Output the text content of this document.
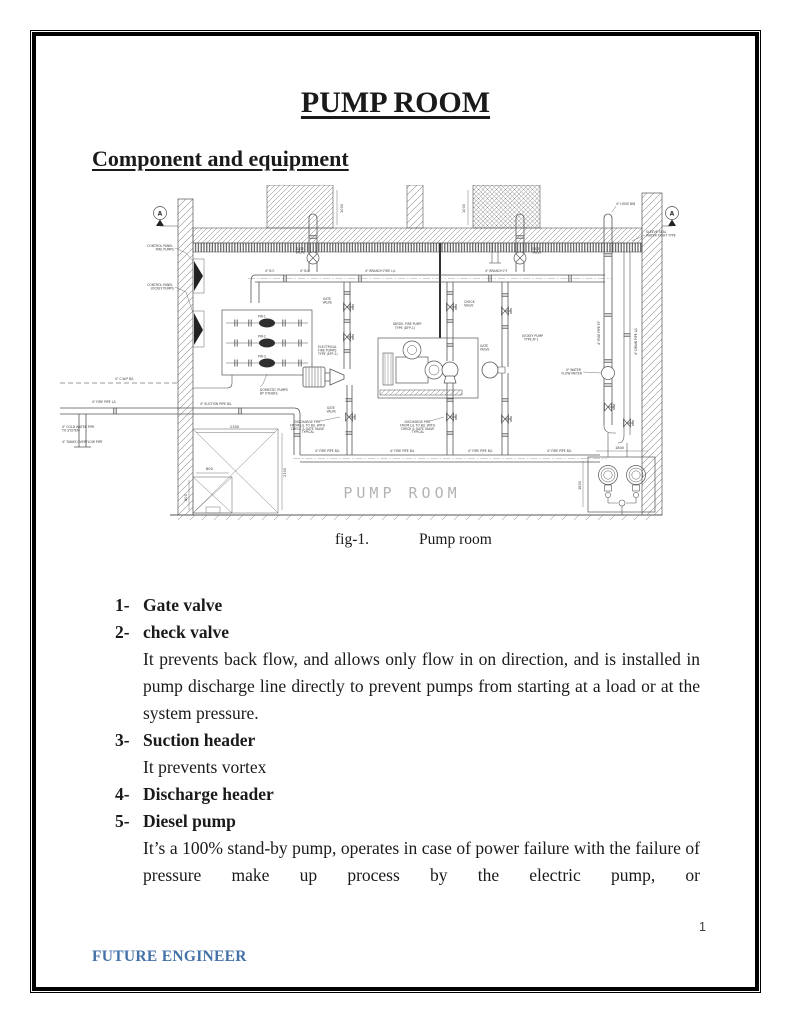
PUMP ROOM
Component and equipment
A	A
CONTROL PANEL FIRE PUMPS
CONTROL PANEL JOCKEY PUMPS
PW-1
PW-2
PW-3
DOMESTIC PUMPS BY OTHERS
ELECTRICAL FIRE PUMPS TYPE (EFP-1)
DIESEL FIRE PUMP TYPE (DFP-1)
JOCKEY PUMP TYPE JP-1	4" RISE PIPE F.F	4" DRAIN PIPE L/L
4" HOSE BIB
SLEEVE SEAL WATER TIGHT TYPE
4" WATER FLOW METER
1800
1800
2300
2300
800
800
1000	1000
4" B.F.	4" B.F.	4" BRANCH FIRE L/L	4" BRANCH F.F
4" FIRE PIPE B/L	4" FIRE PIPE B/L	4" FIRE PIPE B/L	4" FIRE PIPE B/L
4" SUCTION PIPE B/L
4" C.W.P B/L
4" FIRE PIPE L/L
4" COLD WATER PIPE TO SYSTEM
4" TANKS OVERFLOW PIPE
GATE VALVE
GATE VALVE
GATE VALVE	CHECK VALVE
GATE VALVE
GATE VALVE
DISCHARGE PIPE FROM L/L TO B/L WITH CHECK & GATE VALVE TYPICAL
DISCHARGE PIPE FROM L/L TO B/L WITH CHECK & GATE VALVE TYPICAL
PUMP ROOM
fig-1.	Pump room
1- Gate valve
2- check valve
It prevents back flow, and allows only flow in on direction, and is installed in pump discharge line directly to prevent pumps from starting at a load or at the system pressure.
3- Suction header
It prevents vortex
4- Discharge header
5- Diesel pump
It’s a 100% stand-by pump, operates in case of power failure with the failure of pressure make up process by the electric pump, or
1
FUTURE ENGINEER
